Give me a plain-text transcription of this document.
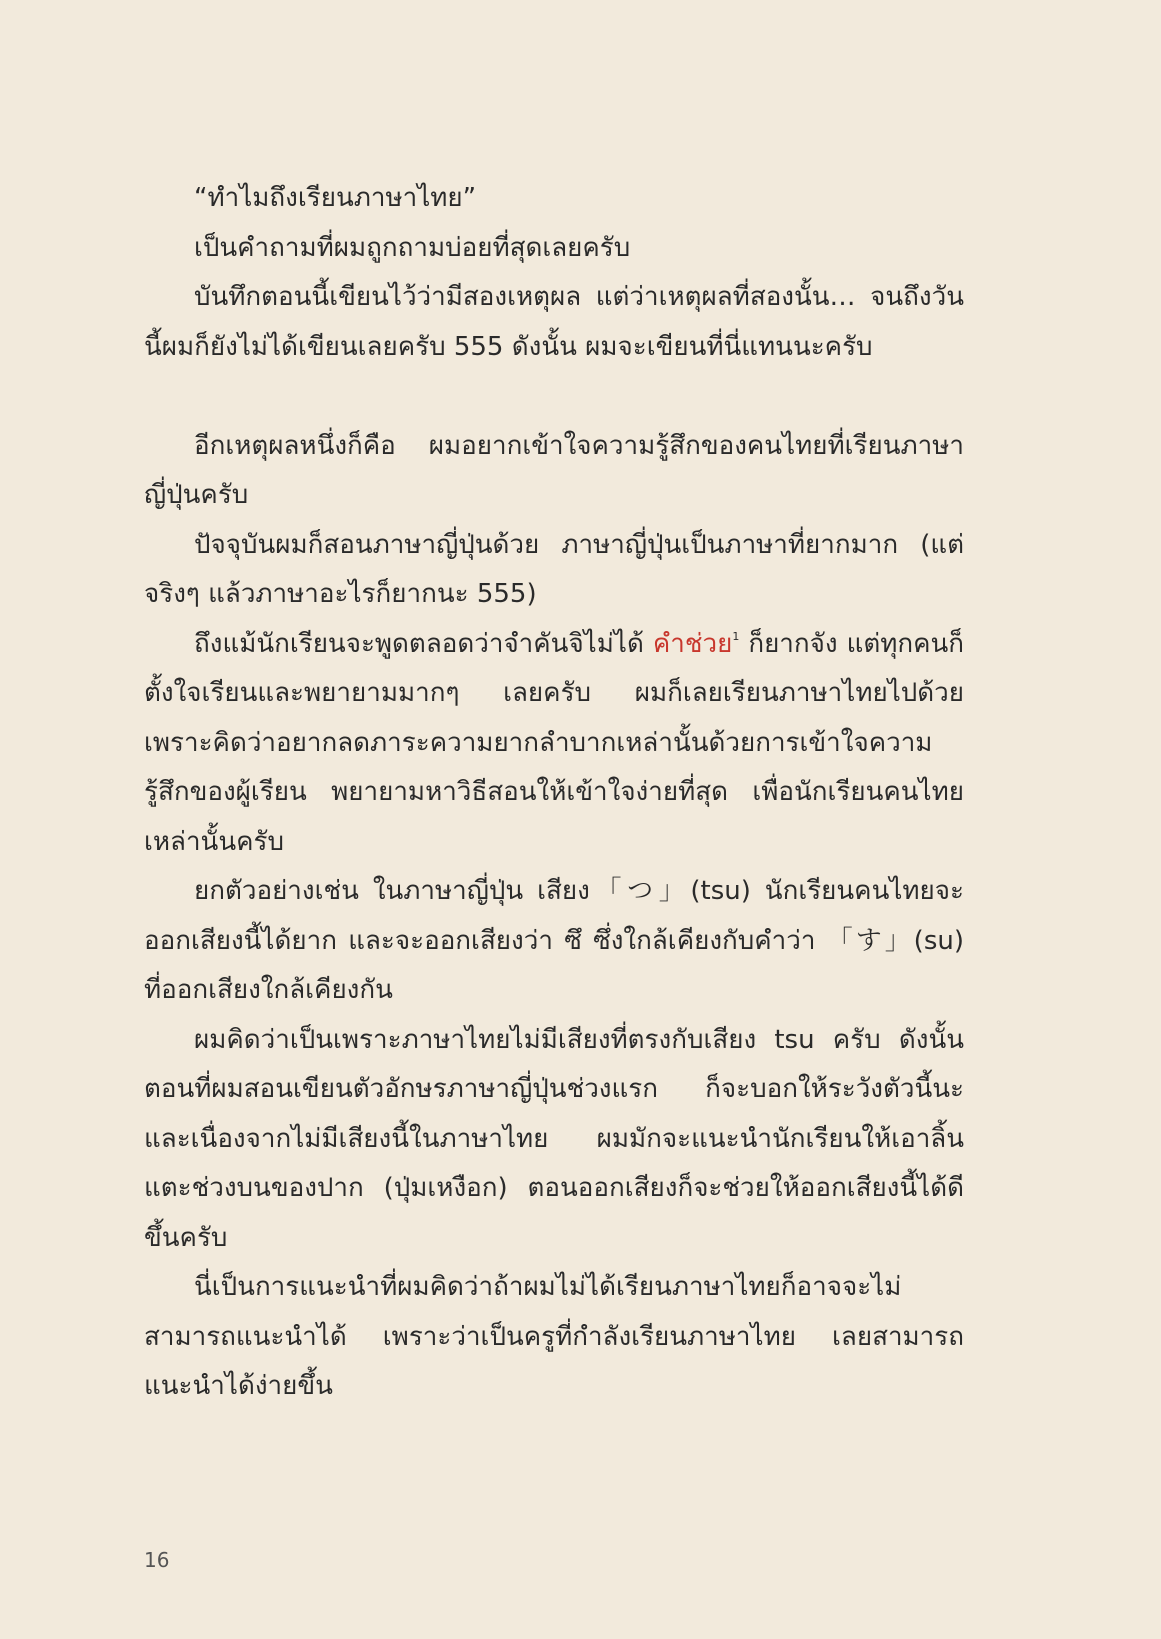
“ทำไมถึงเรียนภาษาไทย”

เป็นคำถามที่ผมถูกถามบ่อยที่สุดเลยครับ

บันทึกตอนนี้เขียนไว้ว่ามีสองเหตุผล แต่ว่าเหตุผลที่สองนั้น… จนถึงวันนี้ผมก็ยังไม่ได้เขียนเลยครับ 555 ดังนั้น ผมจะเขียนที่นี่แทนนะครับ

อีกเหตุผลหนึ่งก็คือ ผมอยากเข้าใจความรู้สึกของคนไทยที่เรียนภาษาญี่ปุ่นครับ

ปัจจุบันผมก็สอนภาษาญี่ปุ่นด้วย ภาษาญี่ปุ่นเป็นภาษาที่ยากมาก (แต่จริงๆ แล้วภาษาอะไรก็ยากนะ 555)

ถึงแม้นักเรียนจะพูดตลอดว่าจำคันจิไม่ได้ คำช่วย$^1$ ก็ยากจัง แต่ทุกคนก็ตั้งใจเรียนและพยายามมากๆ เลยครับ ผมก็เลยเรียนภาษาไทยไปด้วย เพราะคิดว่าอยากลดภาระความยากลำบากเหล่านั้นด้วยการเข้าใจความรู้สึกของผู้เรียน พยายามหาวิธีสอนให้เข้าใจง่ายที่สุด เพื่อนักเรียนคนไทยเหล่านั้นครับ

ยกตัวอย่างเช่น ในภาษาญี่ปุ่น เสียง「つ」(tsu) นักเรียนคนไทยจะออกเสียงนี้ได้ยาก และจะออกเสียงว่า ซึ ซึ่งใกล้เคียงกับคำว่า 「す」(su) ที่ออกเสียงใกล้เคียงกัน

ผมคิดว่าเป็นเพราะภาษาไทยไม่มีเสียงที่ตรงกับเสียง tsu ครับ ดังนั้น ตอนที่ผมสอนเขียนตัวอักษรภาษาญี่ปุ่นช่วงแรก ก็จะบอกให้ระวังตัวนี้นะ และเนื่องจากไม่มีเสียงนี้ในภาษาไทย ผมมักจะแนะนำนักเรียนให้เอาลิ้นแตะช่วงบนของปาก (ปุ่มเหงือก) ตอนออกเสียงก็จะช่วยให้ออกเสียงนี้ได้ดีขึ้นครับ

นี่เป็นการแนะนำที่ผมคิดว่าถ้าผมไม่ได้เรียนภาษาไทยก็อาจจะไม่สามารถแนะนำได้ เพราะว่าเป็นครูที่กำลังเรียนภาษาไทย เลยสามารถแนะนำได้ง่ายขึ้น

16
